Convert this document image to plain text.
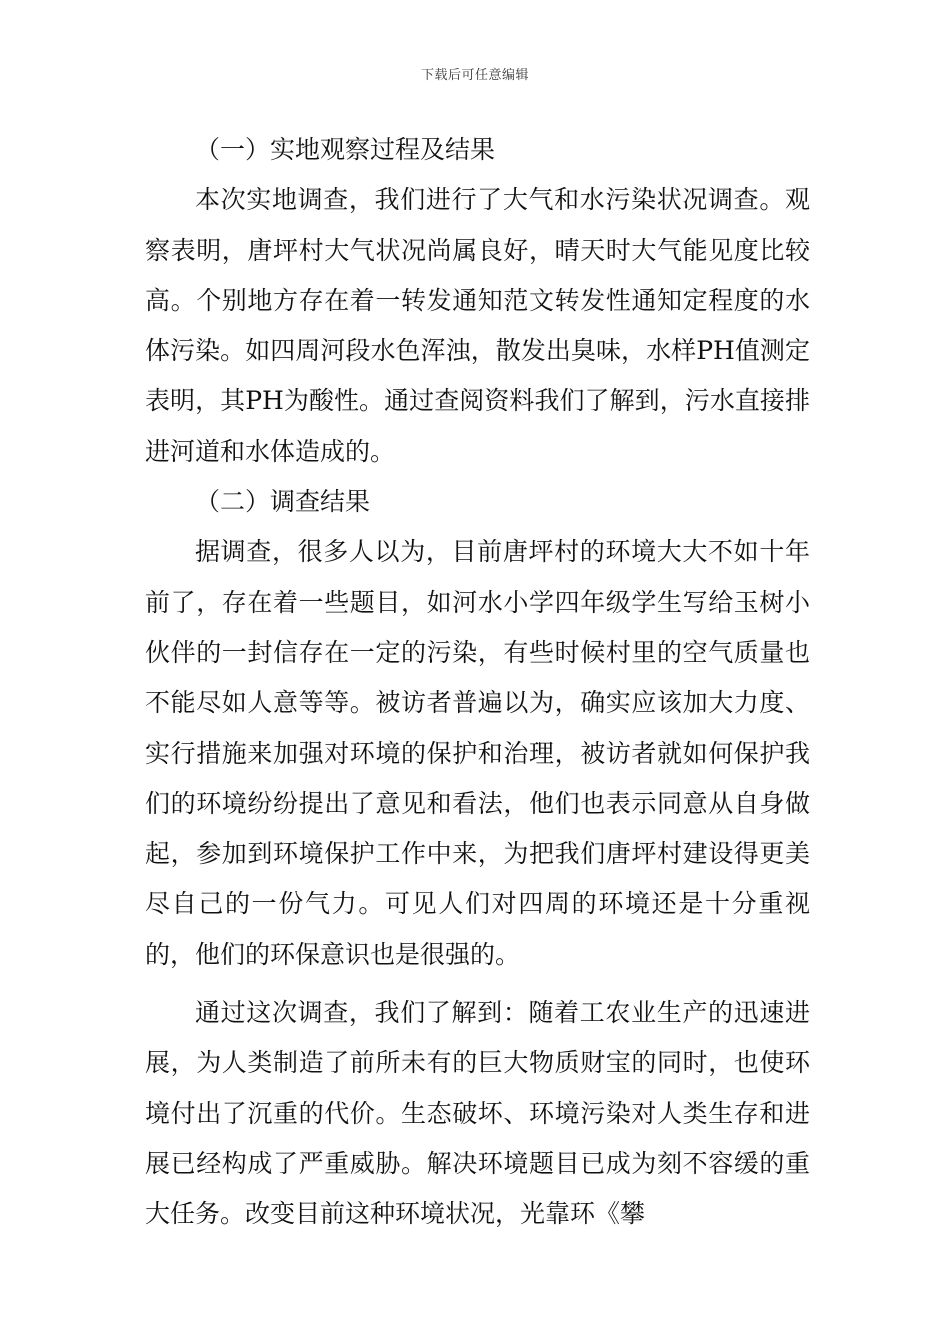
下载后可任意编辑

（一）实地观察过程及结果

本次实地调查，我们进行了大气和水污染状况调查。观察表明，唐坪村大气状况尚属良好，晴天时大气能见度比较高。个别地方存在着一转发通知范文转发性通知定程度的水体污染。如四周河段水色浑浊，散发出臭味，水样PH值测定表明，其PH为酸性。通过查阅资料我们了解到，污水直接排进河道和水体造成的。

（二）调查结果

据调查，很多人以为，目前唐坪村的环境大大不如十年前了，存在着一些题目，如河水小学四年级学生写给玉树小伙伴的一封信存在一定的污染，有些时候村里的空气质量也不能尽如人意等等。被访者普遍以为，确实应该加大力度、实行措施来加强对环境的保护和治理，被访者就如何保护我们的环境纷纷提出了意见和看法，他们也表示同意从自身做起，参加到环境保护工作中来，为把我们唐坪村建设得更美尽自己的一份气力。可见人们对四周的环境还是十分重视的，他们的环保意识也是很强的。

通过这次调查，我们了解到：随着工农业生产的迅速进展，为人类制造了前所未有的巨大物质财宝的同时，也使环境付出了沉重的代价。生态破坏、环境污染对人类生存和进展已经构成了严重威胁。解决环境题目已成为刻不容缓的重大任务。改变目前这种环境状况，光靠环《攀
